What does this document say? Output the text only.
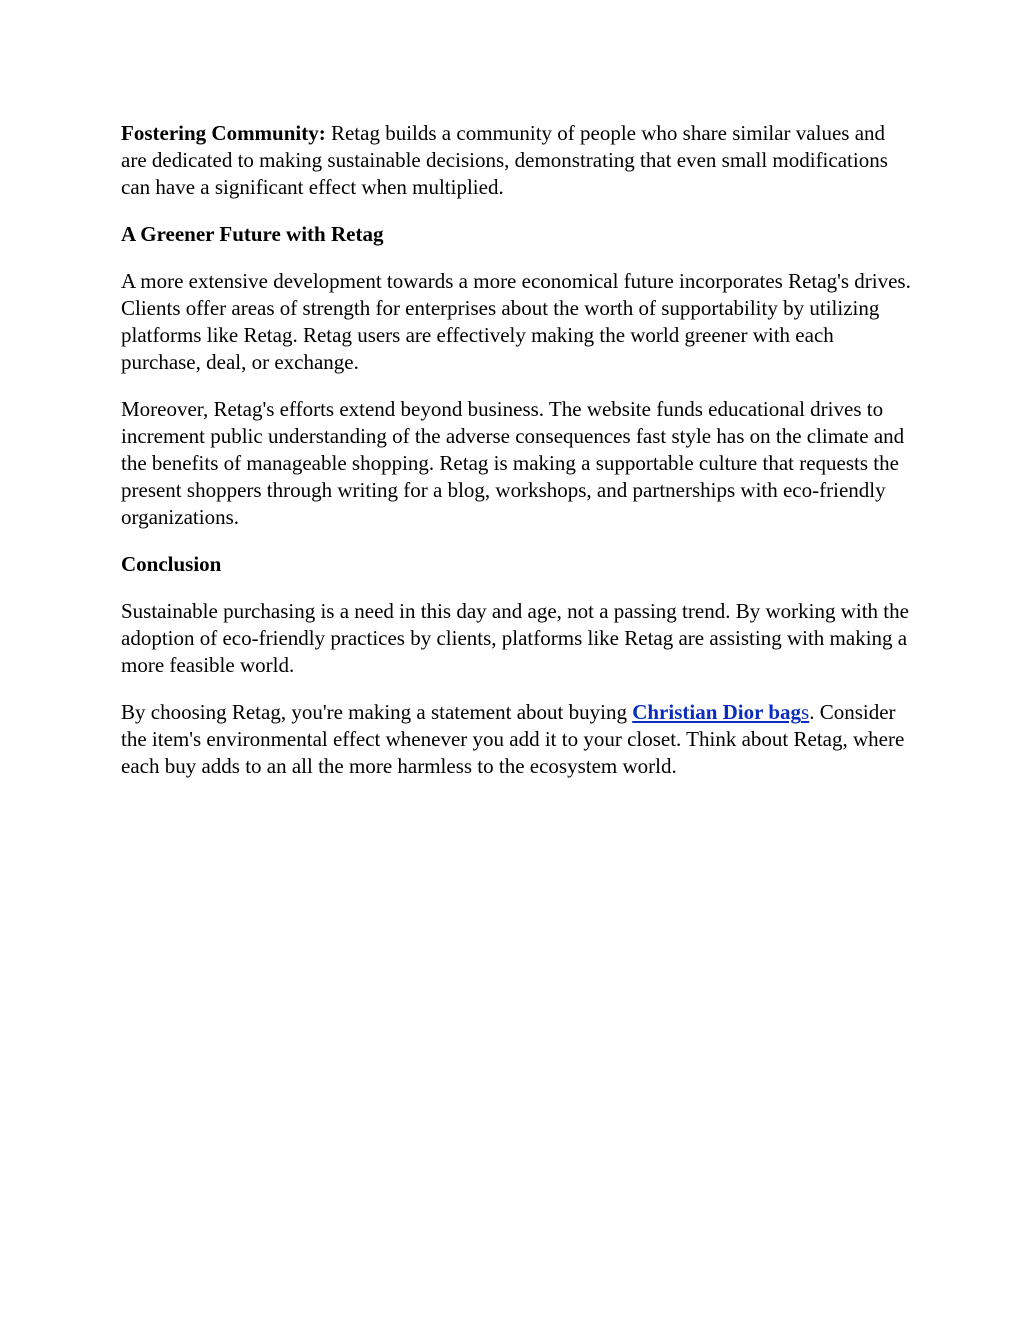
Fostering Community: Retag builds a community of people who share similar values and are dedicated to making sustainable decisions, demonstrating that even small modifications can have a significant effect when multiplied.

A Greener Future with Retag

A more extensive development towards a more economical future incorporates Retag's drives. Clients offer areas of strength for enterprises about the worth of supportability by utilizing platforms like Retag. Retag users are effectively making the world greener with each purchase, deal, or exchange.

Moreover, Retag's efforts extend beyond business. The website funds educational drives to increment public understanding of the adverse consequences fast style has on the climate and the benefits of manageable shopping. Retag is making a supportable culture that requests the present shoppers through writing for a blog, workshops, and partnerships with eco-friendly organizations.

Conclusion

Sustainable purchasing is a need in this day and age, not a passing trend. By working with the adoption of eco-friendly practices by clients, platforms like Retag are assisting with making a more feasible world.

By choosing Retag, you're making a statement about buying Christian Dior bags. Consider the item's environmental effect whenever you add it to your closet. Think about Retag, where each buy adds to an all the more harmless to the ecosystem world.
